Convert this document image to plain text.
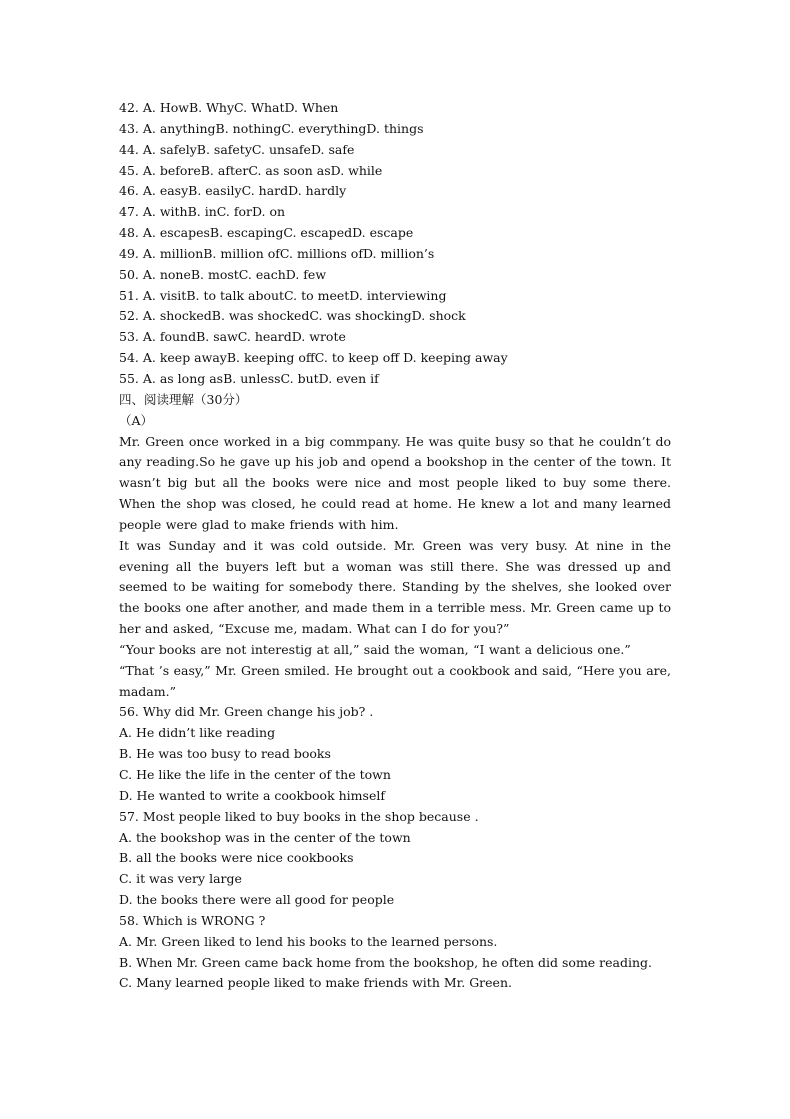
42. A. HowB. WhyC. WhatD. When
43. A. anythingB. nothingC. everythingD. things
44. A. safelyB. safetyC. unsafeD. safe
45. A. beforeB. afterC. as soon asD. while
46. A. easyB. easilyC. hardD. hardly
47. A. withB. inC. forD. on
48. A. escapesB. escapingC. escapedD. escape
49. A. millionB. million ofC. millions ofD. million’s
50. A. noneB. mostC. eachD. few
51. A. visitB. to talk aboutC. to meetD. interviewing
52. A. shockedB. was shockedC. was shockingD. shock
53. A. foundB. sawC. heardD. wrote
54. A. keep awayB. keeping offC. to keep off D. keeping away
55. A. as long asB. unlessC. butD. even if
四、阅读理解（30分）
（A）
Mr. Green once worked in a big commpany. He was quite busy so that he couldn’t do any reading.So he gave up his job and opend a bookshop in the center of the town. It wasn’t big but all the books were nice and most people liked to buy some there. When the shop was closed, he could read at home. He knew a lot and many learned people were glad to make friends with him.
It was Sunday and it was cold outside. Mr. Green was very busy. At nine in the evening all the buyers left but a woman was still there. She was dressed up and seemed to be waiting for somebody there. Standing by the shelves, she looked over the books one after another, and made them in a terrible mess. Mr. Green came up to her and asked, “Excuse me, madam. What can I do for you?”
“Your books are not interestig at all,” said the woman, “I want a delicious one.”
“That ’s easy,” Mr. Green smiled. He brought out a cookbook and said, “Here you are, madam.”
56. Why did Mr. Green change his job? .
A. He didn’t like reading
B. He was too busy to read books
C. He like the life in the center of the town
D. He wanted to write a cookbook himself
57. Most people liked to buy books in the shop because .
A. the bookshop was in the center of the town
B. all the books were nice cookbooks
C. it was very large
D. the books there were all good for people
58. Which is WRONG ?
A. Mr. Green liked to lend his books to the learned persons.
B. When Mr. Green came back home from the bookshop, he often did some reading.
C. Many learned people liked to make friends with Mr. Green.
